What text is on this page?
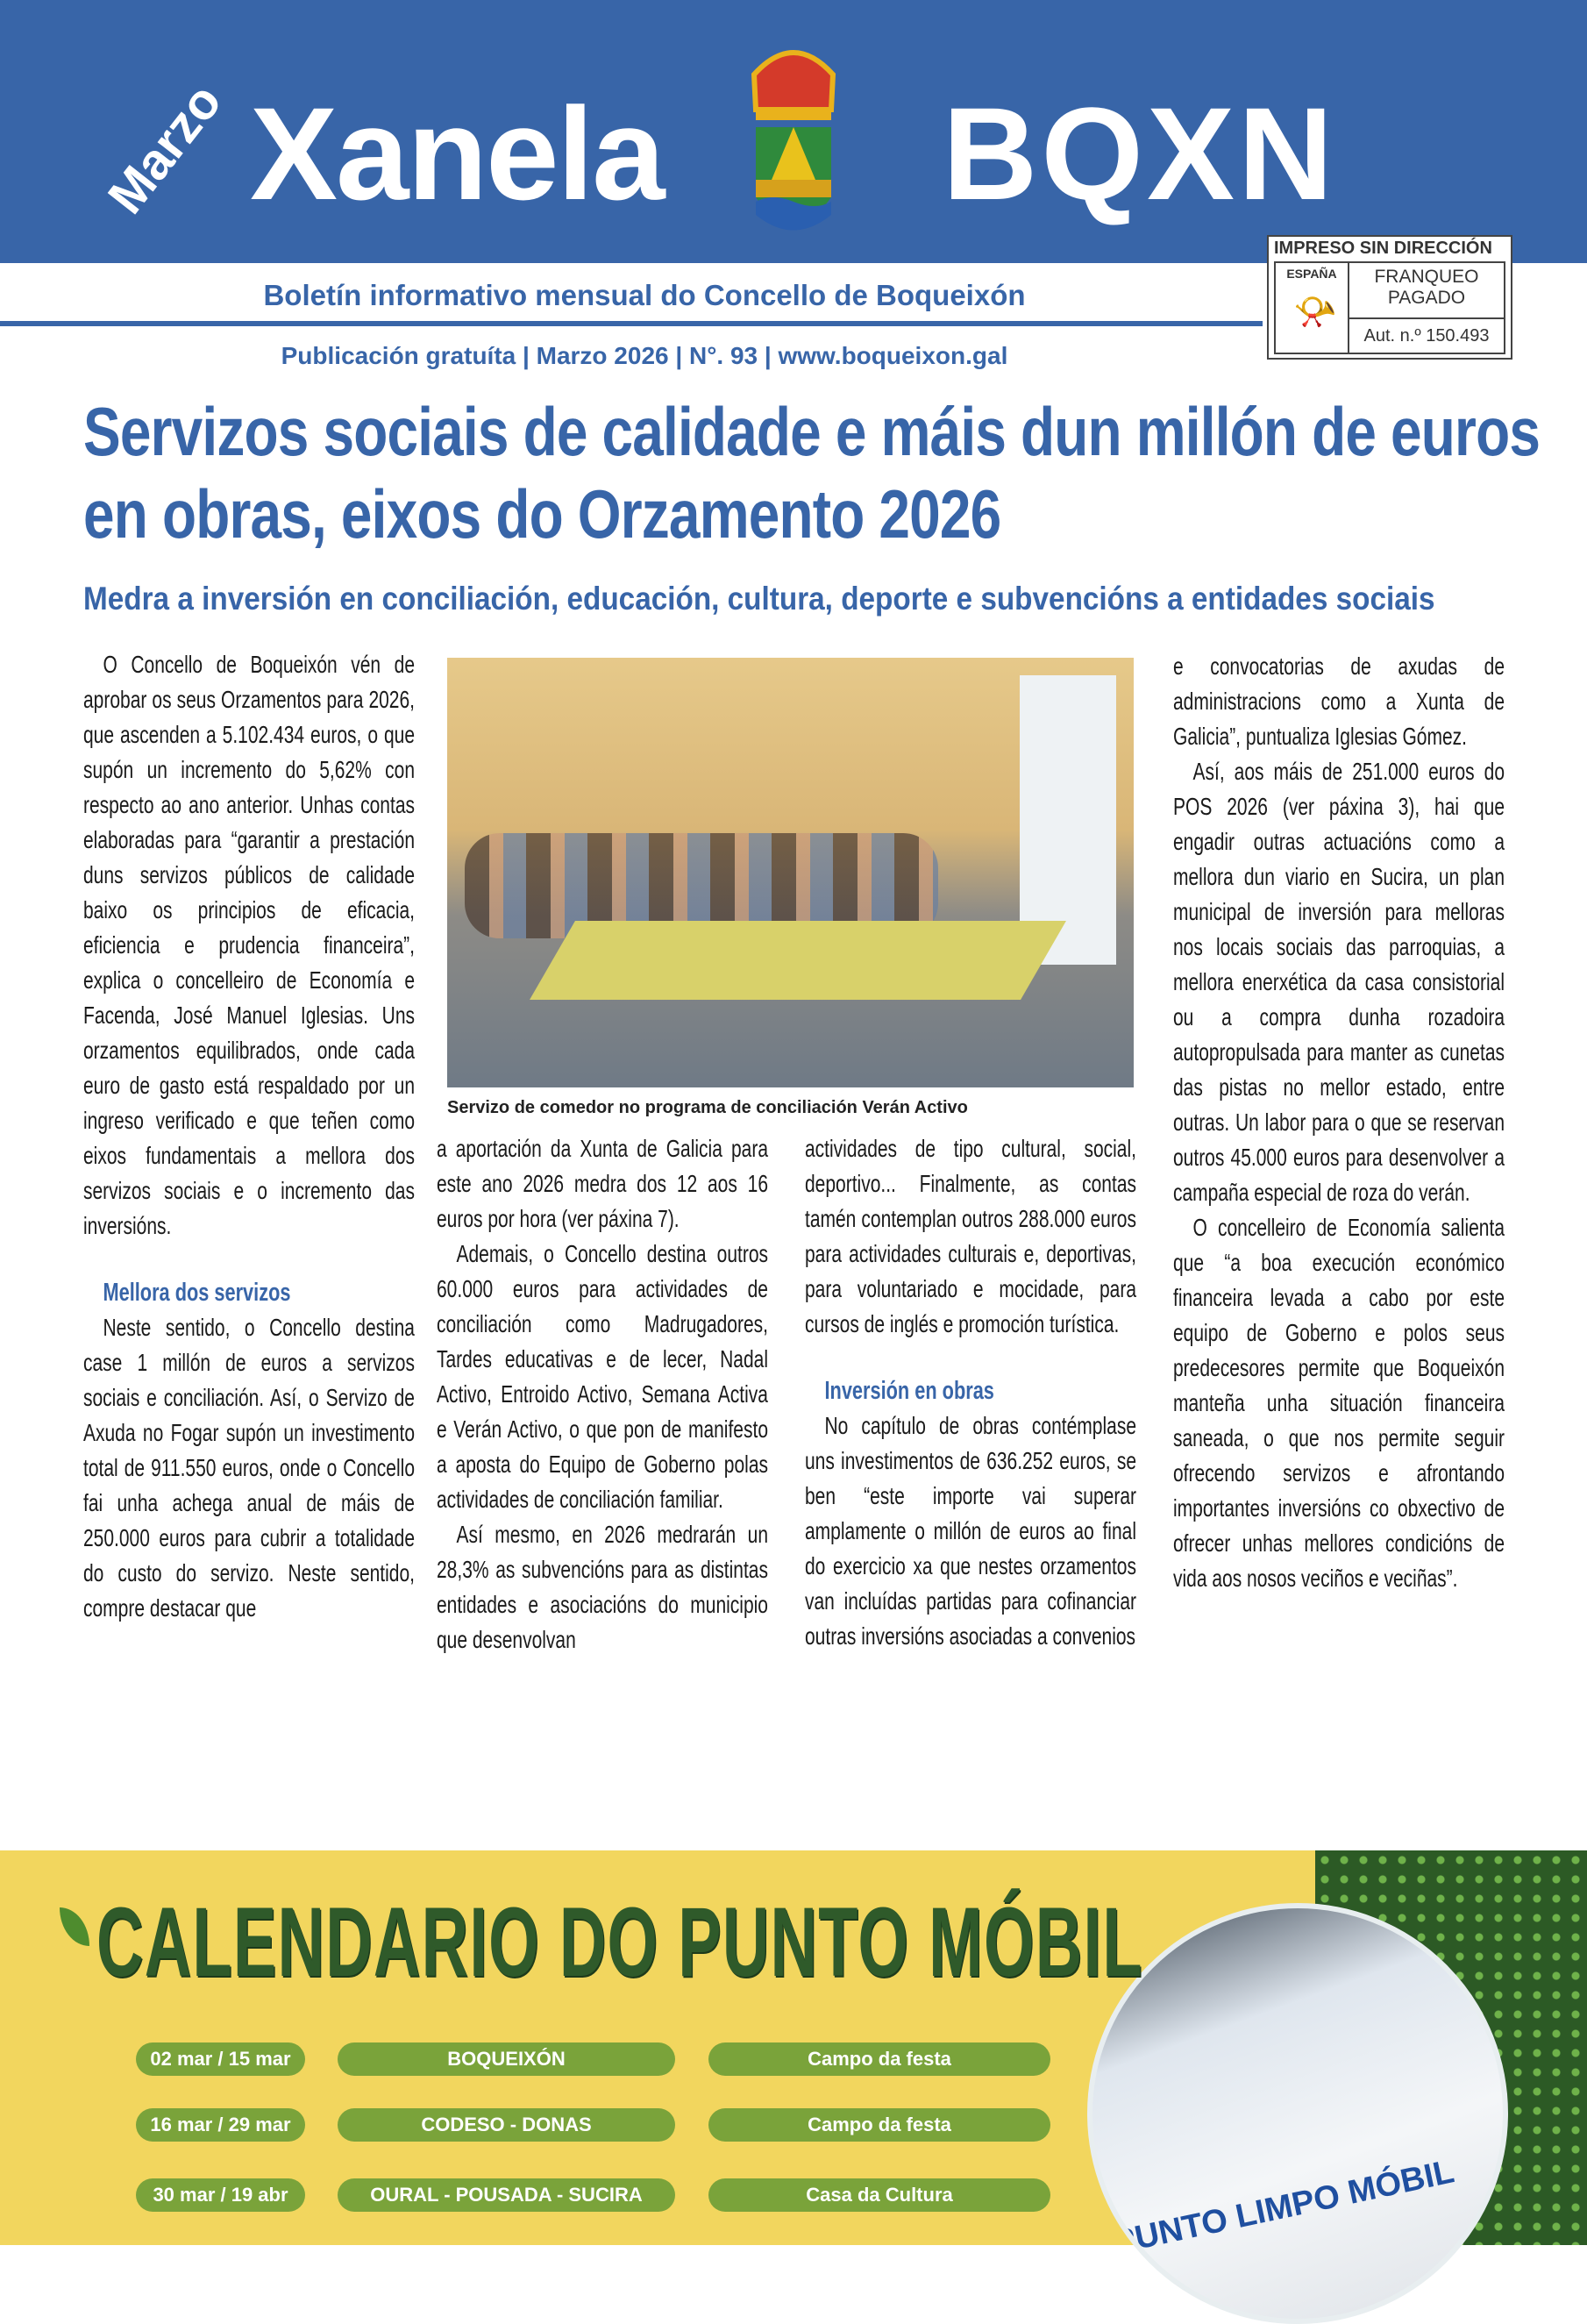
Marzo Xanela BQXN
Boletín informativo mensual do Concello de Boqueixón
Publicación gratuíta | Marzo 2026 | N°. 93 | www.boqueixon.gal
IMPRESO SIN DIRECCIÓN
ESPAÑA
📯
FRANQUEO
PAGADO
Aut. n.º 150.493
Servizos sociais de calidade e máis dun millón de euros en obras, eixos do Orzamento 2026
Medra a inversión en conciliación, educación, cultura, deporte e subvencións a entidades sociais

O Concello de Boqueixón vén de aprobar os seus Orzamentos para 2026, que ascenden a 5.102.434 euros, o que supón un incremento do 5,62% con respecto ao ano anterior. Unhas contas elaboradas para “garantir a prestación duns servizos públicos de calidade baixo os principios de eficacia, eficiencia e prudencia financeira”, explica o concelleiro de Economía e Facenda, José Manuel Iglesias. Uns orzamentos equilibrados, onde cada euro de gasto está respaldado por un ingreso verificado e que teñen como eixos fundamentais a mellora dos servizos sociais e o incremento das inversións.

Mellora dos servizos

Neste sentido, o Concello destina case 1 millón de euros a servizos sociais e conciliación. Así, o Servizo de Axuda no Fogar supón un investimento total de 911.550 euros, onde o Concello fai unha achega anual de máis de 250.000 euros para cubrir a totalidade do custo do servizo. Neste sentido, compre destacar que

Servizo de comedor no programa de conciliación Verán Activo

a aportación da Xunta de Galicia para este ano 2026 medra dos 12 aos 16 euros por hora (ver páxina 7).

Ademais, o Concello destina outros 60.000 euros para actividades de conciliación como Madrugadores, Tardes educativas e de lecer, Nadal Activo, Entroido Activo, Semana Activa e Verán Activo, o que pon de manifesto a aposta do Equipo de Goberno polas actividades de conciliación familiar.

Así mesmo, en 2026 medrarán un 28,3% as subvencións para as distintas entidades e asociacións do municipio que desenvolvan

actividades de tipo cultural, social, deportivo... Finalmente, as contas tamén contemplan outros 288.000 euros para actividades culturais e, deportivas, para voluntariado e mocidade, para cursos de inglés e promoción turística.

Inversión en obras

No capítulo de obras contémplase uns investimentos de 636.252 euros, se ben “este importe vai superar amplamente o millón de euros ao final do exercicio xa que nestes orzamentos van incluídas partidas para cofinanciar outras inversións asociadas a convenios

e convocatorias de axudas de administracions como a Xunta de Galicia”, puntualiza Iglesias Gómez.

Así, aos máis de 251.000 euros do POS 2026 (ver páxina 3), hai que engadir outras actuacións como a mellora dun viario en Sucira, un plan municipal de inversión para melloras nos locais sociais das parroquias, a mellora enerxética da casa consistorial ou a compra dunha rozadoira autopropulsada para manter as cunetas das pistas no mellor estado, entre outras. Un labor para o que se reservan outros 45.000 euros para desenvolver a campaña especial de roza do verán.

O concelleiro de Economía salienta que “a boa execución económico financeira levada a cabo por este equipo de Goberno e polos seus predecesores permite que Boqueixón manteña unha situación financeira saneada, o que nos permite seguir ofrecendo servizos e afrontando importantes inversións co obxectivo de ofrecer unhas mellores condicións de vida aos nosos veciños e veciñas”.

PUNTO LIMPO MÓBIL
CALENDARIO DO PUNTO MÓBIL
02 mar / 15 mar	BOQUEIXÓN	Campo da festa
16 mar / 29 mar	CODESO - DONAS	Campo da festa
30 mar / 19 abr	OURAL - POUSADA - SUCIRA	Casa da Cultura
